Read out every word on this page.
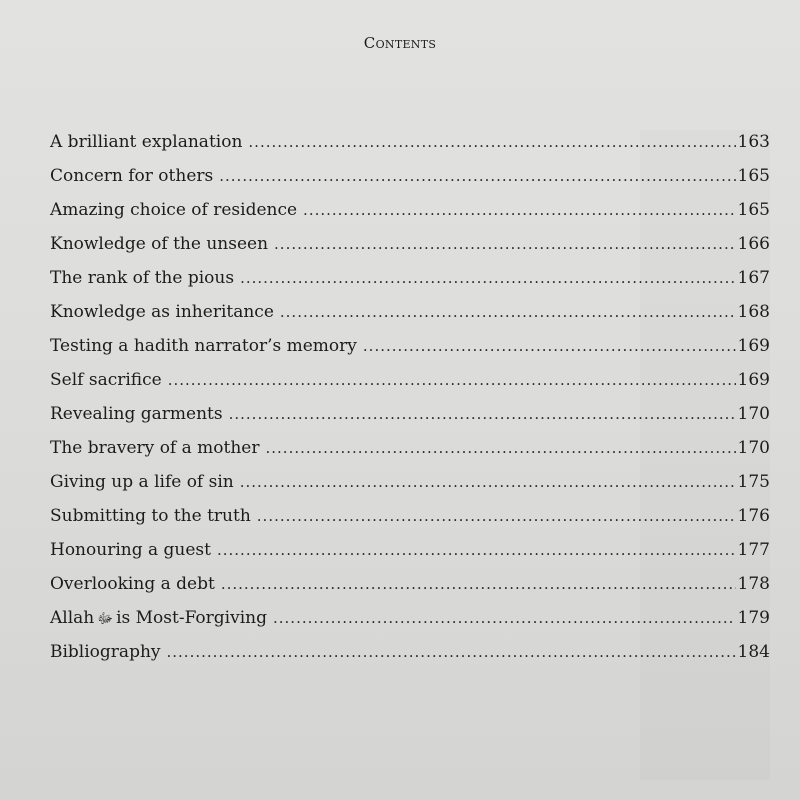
Contents
A brilliant explanation .....	163
Concern for others .....	165
Amazing choice of residence .....	165
Knowledge of the unseen .....	166
The rank of the pious .....	167
Knowledge as inheritance .....	168
Testing a hadith narrator’s memory .....	169
Self sacrifice .....	169
Revealing garments .....	170
The bravery of a mother .....	170
Giving up a life of sin .....	175
Submitting to the truth .....	176
Honouring a guest .....	177
Overlooking a debt .....	178
Allah ﷻ is Most-Forgiving .....	179
Bibliography .....	184
